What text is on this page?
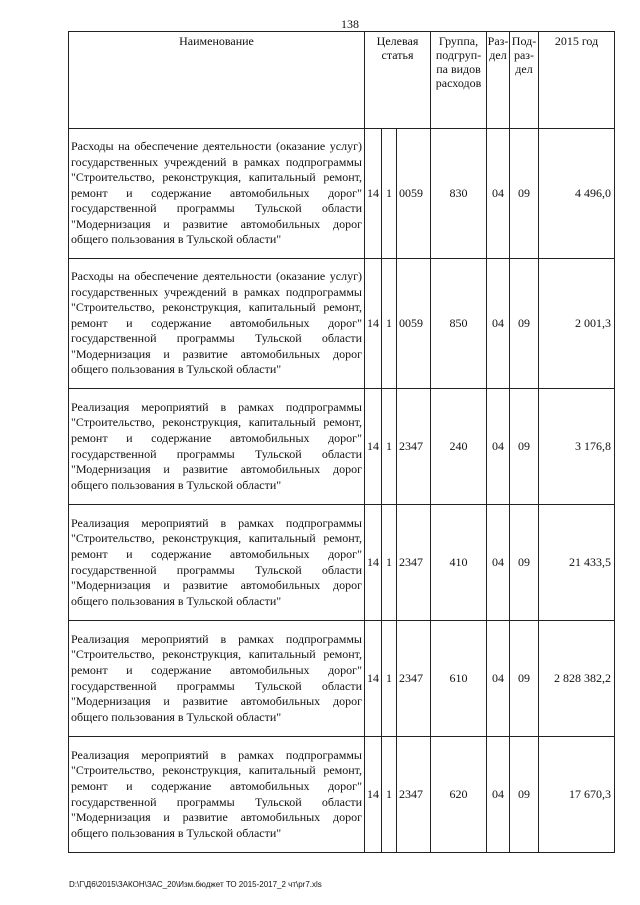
138
Наименование	Целевая статья			Группа, подгруп-па видов расходов	Раз-дел	Под-раз-дел	2015 год
Расходы на обеспечение деятельности (оказание услуг) государственных учреждений в рамках подпрограммы "Строительство, реконструкция, капитальный ремонт, ремонт и содержание автомобильных дорог" государственной программы Тульской области "Модернизация и развитие автомобильных дорог общего пользования в Тульской области"	14	1	0059	830	04	09	4 496,0
Расходы на обеспечение деятельности (оказание услуг) государственных учреждений в рамках подпрограммы "Строительство, реконструкция, капитальный ремонт, ремонт и содержание автомобильных дорог" государственной программы Тульской области "Модернизация и развитие автомобильных дорог общего пользования в Тульской области"	14	1	0059	850	04	09	2 001,3
Реализация мероприятий в рамках подпрограммы "Строительство, реконструкция, капитальный ремонт, ремонт и содержание автомобильных дорог" государственной программы Тульской области "Модернизация и развитие автомобильных дорог общего пользования в Тульской области"	14	1	2347	240	04	09	3 176,8
Реализация мероприятий в рамках подпрограммы "Строительство, реконструкция, капитальный ремонт, ремонт и содержание автомобильных дорог" государственной программы Тульской области "Модернизация и развитие автомобильных дорог общего пользования в Тульской области"	14	1	2347	410	04	09	21 433,5
Реализация мероприятий в рамках подпрограммы "Строительство, реконструкция, капитальный ремонт, ремонт и содержание автомобильных дорог" государственной программы Тульской области "Модернизация и развитие автомобильных дорог общего пользования в Тульской области"	14	1	2347	610	04	09	2 828 382,2
Реализация мероприятий в рамках подпрограммы "Строительство, реконструкция, капитальный ремонт, ремонт и содержание автомобильных дорог" государственной программы Тульской области "Модернизация и развитие автомобильных дорог общего пользования в Тульской области"	14	1	2347	620	04	09	17 670,3
D:\Г\Д6\2015\ЗАКОН\ЗАС_20\Изм.бюджет ТО 2015-2017_2 чт\pr7.xls
